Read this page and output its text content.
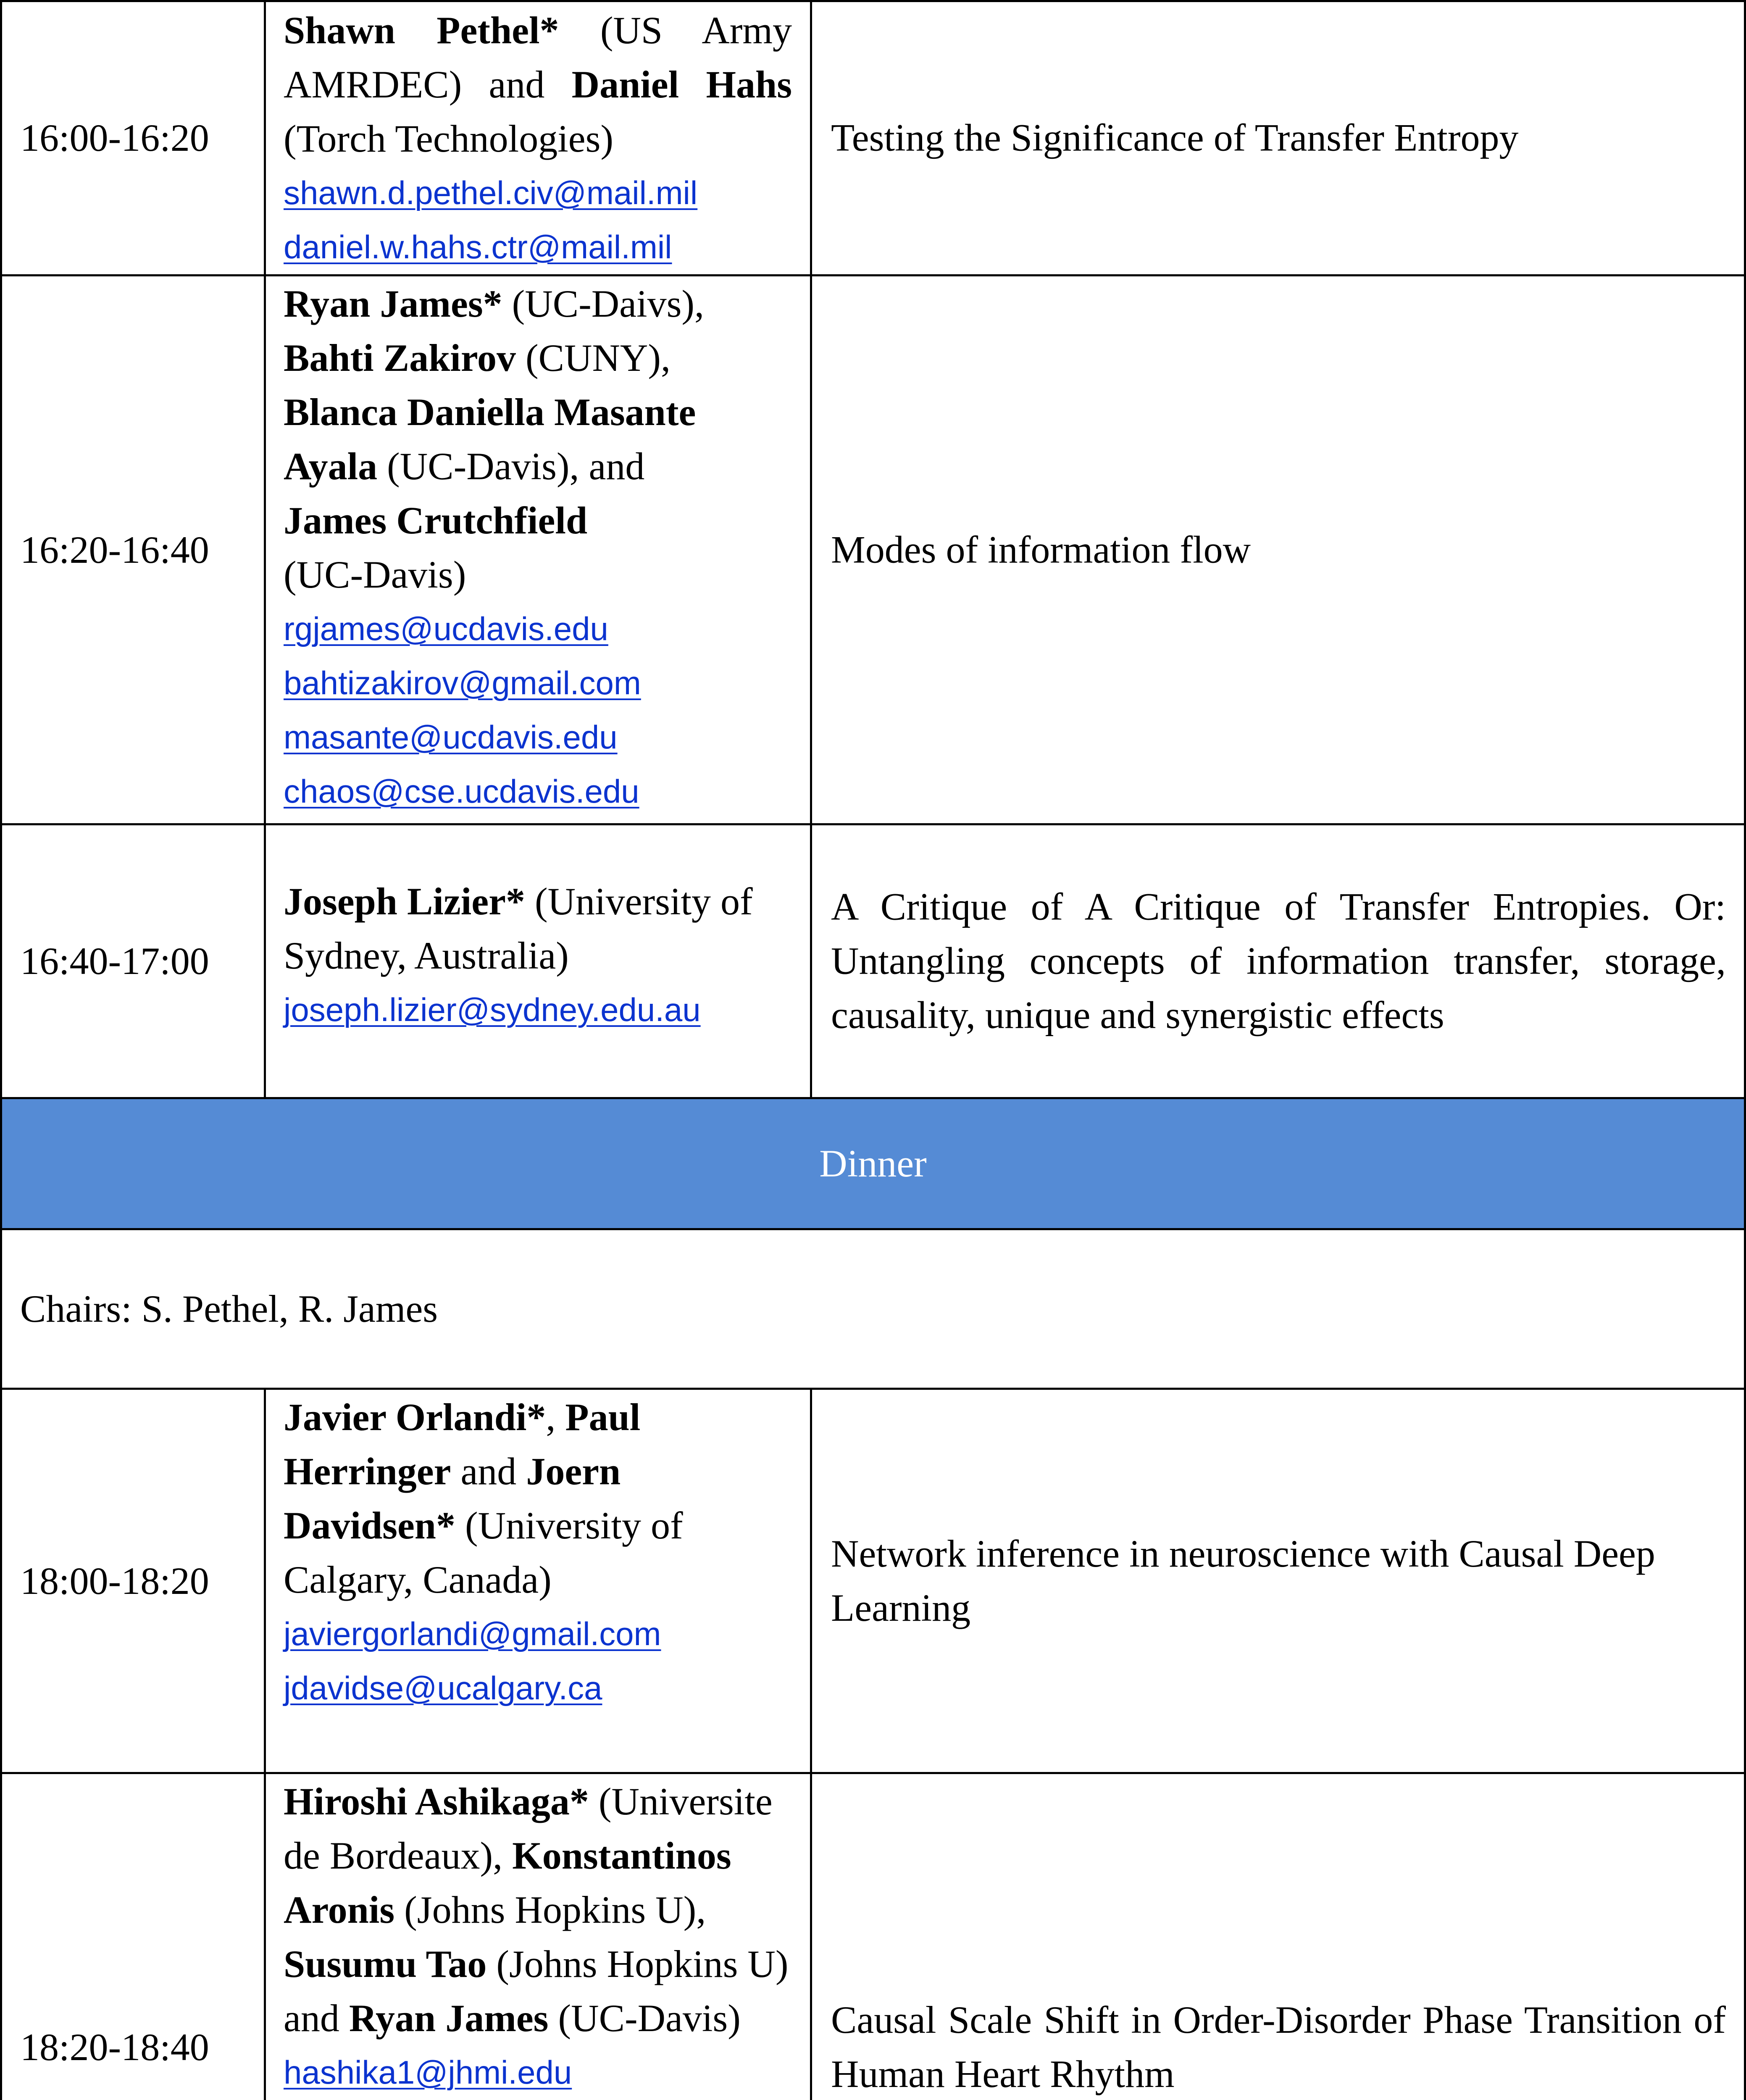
16:00-16:20
Shawn Pethel* (US Army AMRDEC) and Daniel Hahs (Torch Technologies)
shawn.d.pethel.civ@mail.mil
daniel.w.hahs.ctr@mail.mil
Testing the Significance of Transfer Entropy
16:20-16:40
Ryan James* (UC-Daivs),
Bahti Zakirov (CUNY),
Blanca Daniella Masante Ayala (UC-Davis), and
James Crutchfield
(UC-Davis)
rgjames@ucdavis.edu
bahtizakirov@gmail.com
masante@ucdavis.edu
chaos@cse.ucdavis.edu
Modes of information flow
16:40-17:00
Joseph Lizier* (University of Sydney, Australia)
joseph.lizier@sydney.edu.au
A Critique of A Critique of Transfer Entropies. Or: Untangling concepts of information transfer, storage, causality, unique and synergistic effects
Dinner
Chairs: S. Pethel, R. James
18:00-18:20
Javier Orlandi*, Paul Herringer and Joern Davidsen* (University of Calgary, Canada)
javiergorlandi@gmail.com
jdavidse@ucalgary.ca
Network inference in neuroscience with Causal Deep Learning
18:20-18:40
Hiroshi Ashikaga* (Universite de Bordeaux), Konstantinos Aronis (Johns Hopkins U), Susumu Tao (Johns Hopkins U) and Ryan James (UC-Davis)
hashika1@jhmi.edu
Causal Scale Shift in Order-Disorder Phase Transition of Human Heart Rhythm
